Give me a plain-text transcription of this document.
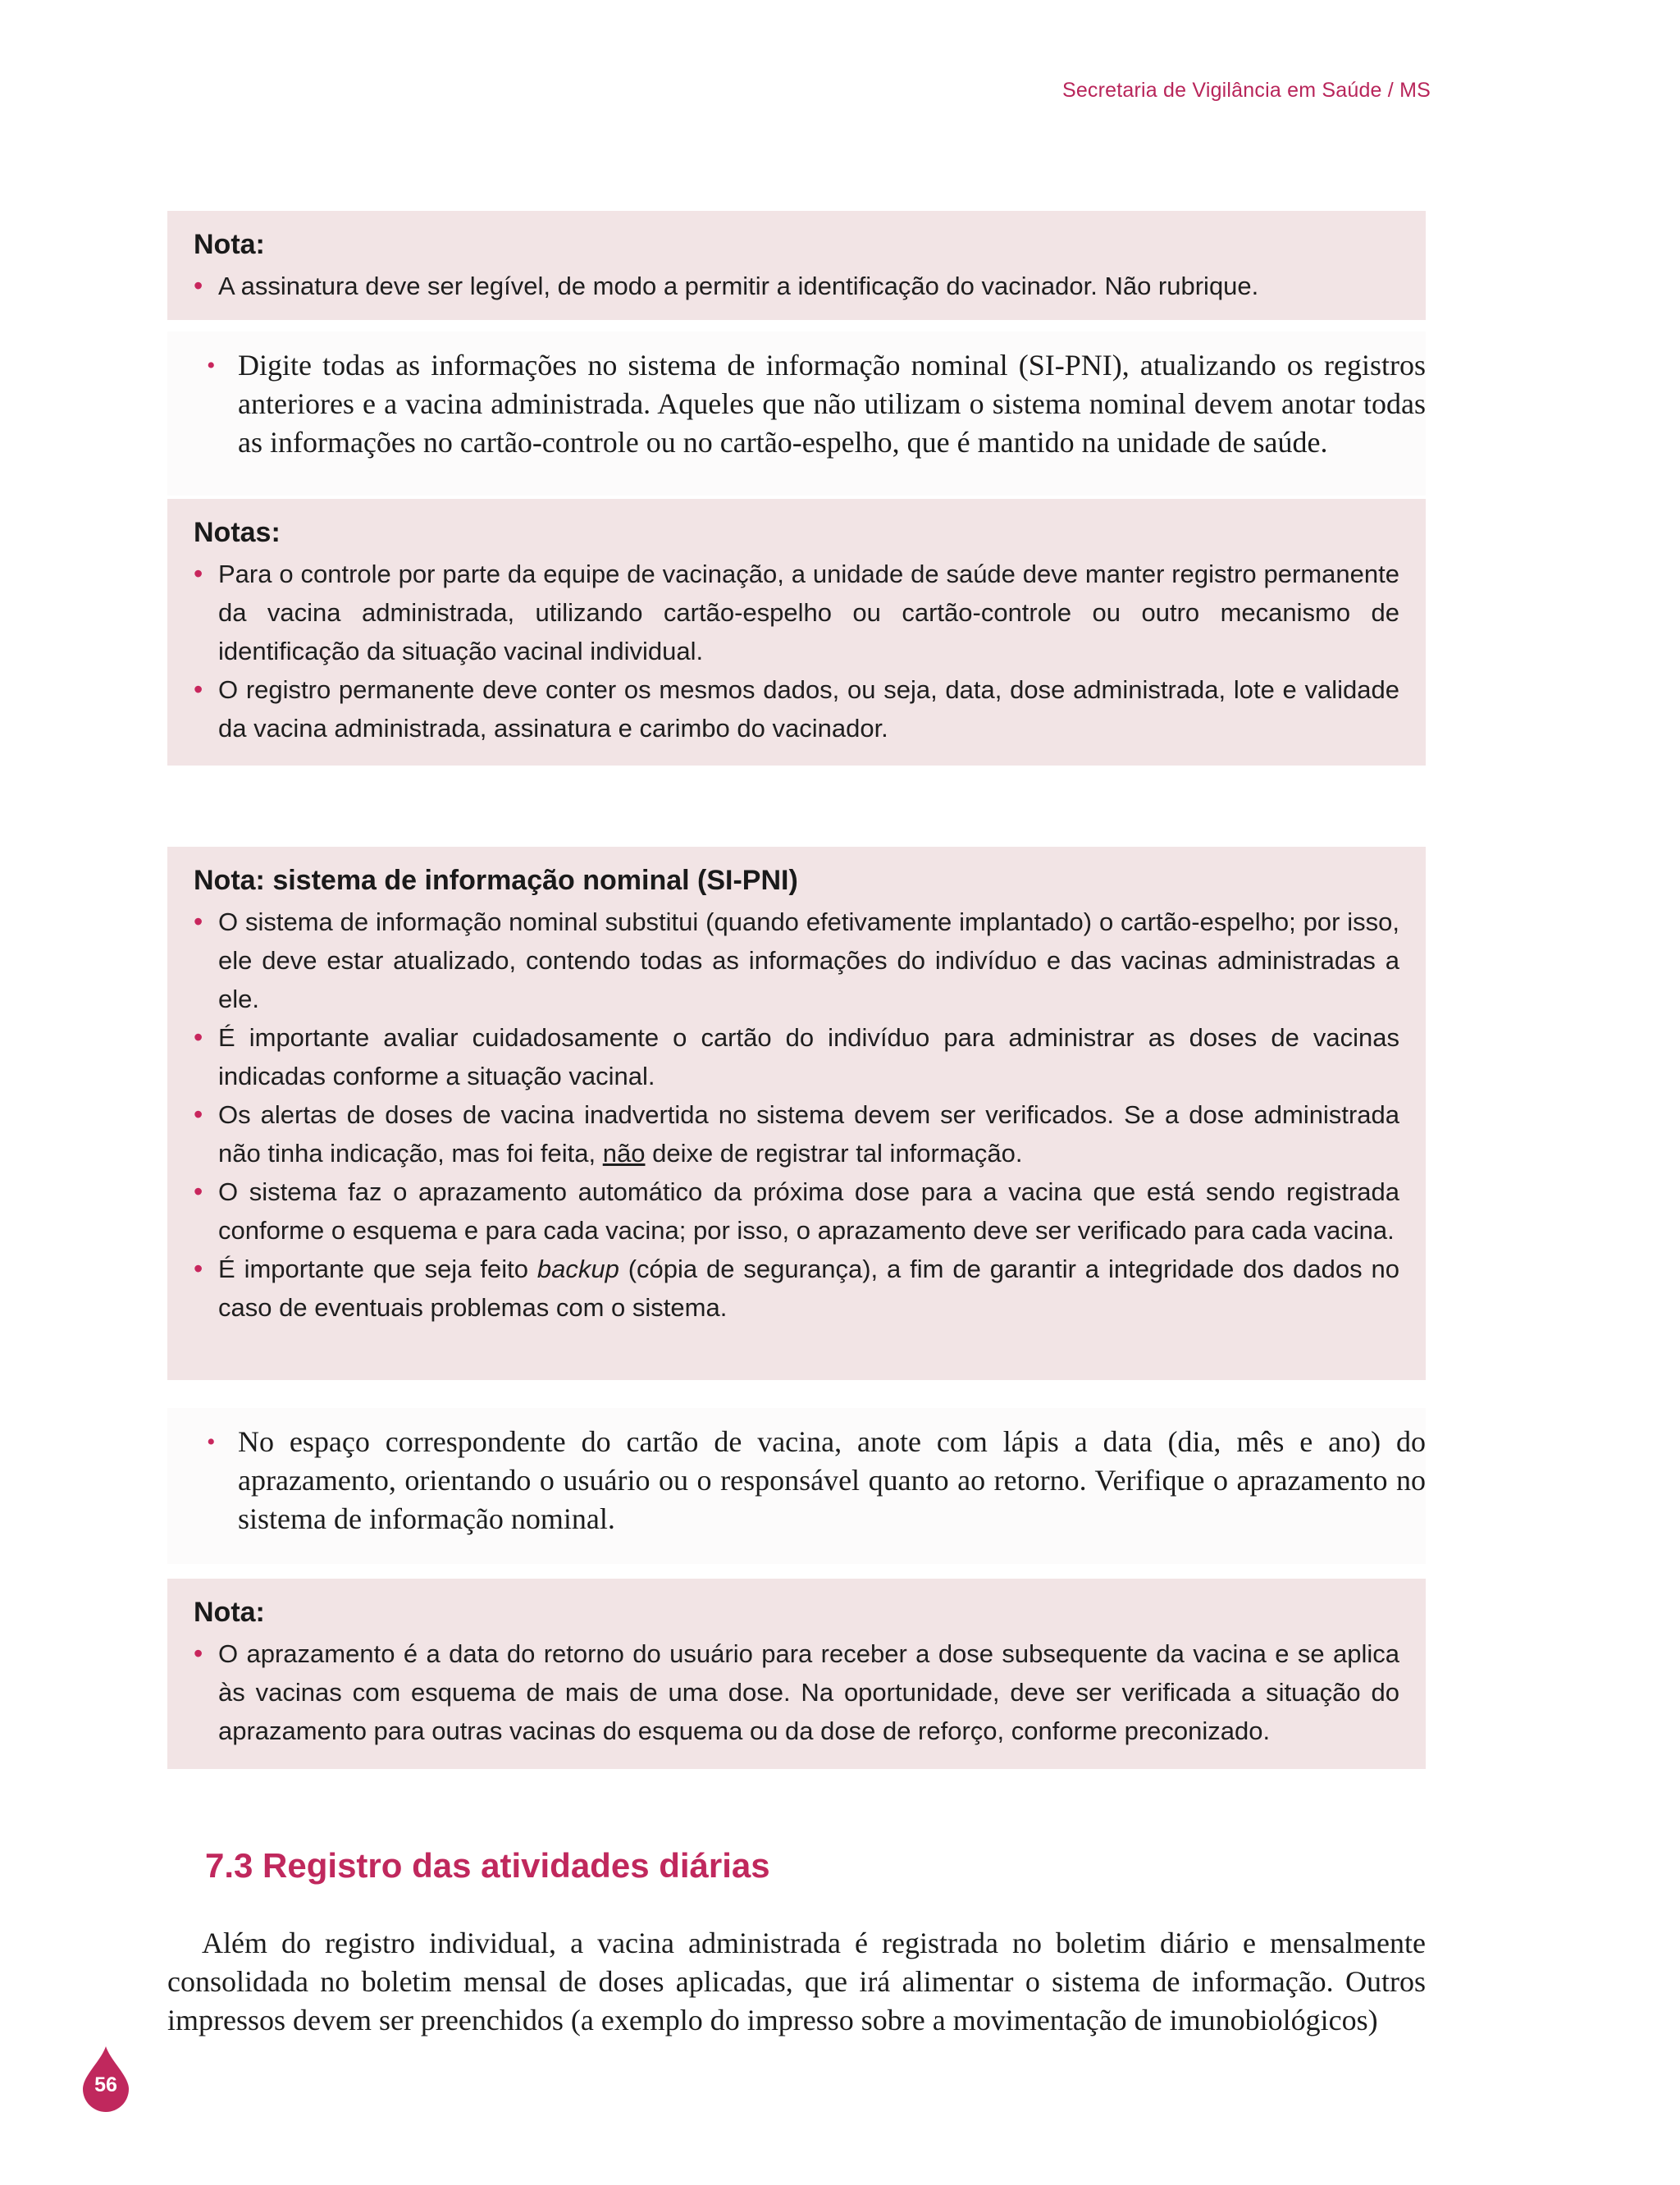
Secretaria de Vigilância em Saúde / MS
Nota:
• A assinatura deve ser legível, de modo a permitir a identificação do vacinador. Não rubrique.
• Digite todas as informações no sistema de informação nominal (SI-PNI), atualizando os registros anteriores e a vacina administrada. Aqueles que não utilizam o sistema nominal devem anotar todas as informações no cartão-controle ou no cartão-espelho, que é mantido na unidade de saúde.
Notas:
• Para o controle por parte da equipe de vacinação, a unidade de saúde deve manter registro permanente da vacina administrada, utilizando cartão-espelho ou cartão-controle ou outro mecanismo de identificação da situação vacinal individual.
• O registro permanente deve conter os mesmos dados, ou seja, data, dose administrada, lote e validade da vacina administrada, assinatura e carimbo do vacinador.
Nota: sistema de informação nominal (SI-PNI)
• O sistema de informação nominal substitui (quando efetivamente implantado) o cartão-espelho; por isso, ele deve estar atualizado, contendo todas as informações do indivíduo e das vacinas administradas a ele.
• É importante avaliar cuidadosamente o cartão do indivíduo para administrar as doses de vacinas indicadas conforme a situação vacinal.
• Os alertas de doses de vacina inadvertida no sistema devem ser verificados. Se a dose administrada não tinha indicação, mas foi feita, não deixe de registrar tal informação.
• O sistema faz o aprazamento automático da próxima dose para a vacina que está sendo registrada conforme o esquema e para cada vacina; por isso, o aprazamento deve ser verificado para cada vacina.
• É importante que seja feito backup (cópia de segurança), a fim de garantir a integridade dos dados no caso de eventuais problemas com o sistema.
• No espaço correspondente do cartão de vacina, anote com lápis a data (dia, mês e ano) do aprazamento, orientando o usuário ou o responsável quanto ao retorno. Verifique o aprazamento no sistema de informação nominal.
Nota:
• O aprazamento é a data do retorno do usuário para receber a dose subsequente da vacina e se aplica às vacinas com esquema de mais de uma dose. Na oportunidade, deve ser verificada a situação do aprazamento para outras vacinas do esquema ou da dose de reforço, conforme preconizado.
7.3 Registro das atividades diárias
Além do registro individual, a vacina administrada é registrada no boletim diário e mensalmente consolidada no boletim mensal de doses aplicadas, que irá alimentar o sistema de informação. Outros impressos devem ser preenchidos (a exemplo do impresso sobre a movimentação de imunobiológicos)
56
